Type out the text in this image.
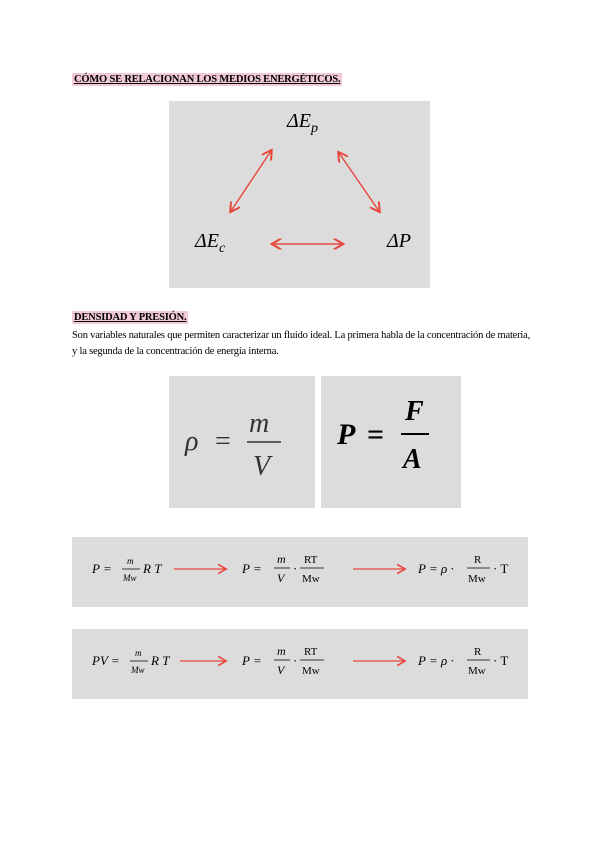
CÓMO SE RELACIONAN LOS MEDIOS ENERGÉTICOS.
$\Delta E_p$
$\Delta E_c$	ΔP
DENSIDAD Y PRESIÓN.
Son variables naturales que permiten caracterizar un fluido ideal. La primera habla de la concentración de materia, y la segunda de la concentración de energía interna.
ρ =
m
V
P =
F
A
P = m
Mw
R T	P =
m
V
·
RT
Mw
P = ρ ·
R
Mw
· T
PV = m
Mw
R T	P =
m
V
·
RT
Mw
P = ρ ·
R
Mw
· T
